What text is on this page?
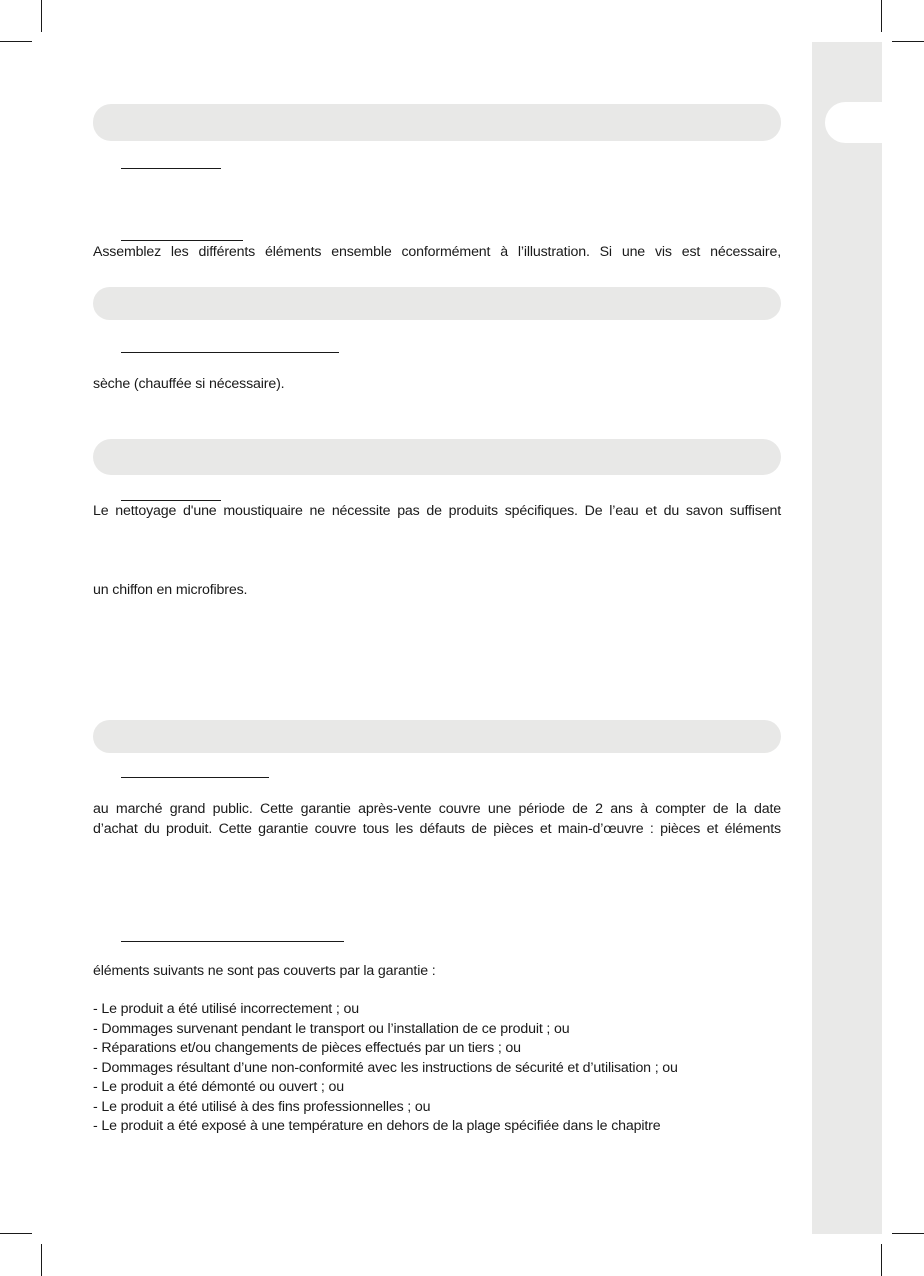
Assemblez les différents éléments ensemble conformément à l’illustration. Si une vis est nécessaire,
sèche (chauffée si nécessaire).
Le nettoyage d'une moustiquaire ne nécessite pas de produits spécifiques. De l’eau et du savon suffisent
un chiffon en microfibres.
au marché grand public. Cette garantie après-vente couvre une période de 2 ans à compter de la date
d’achat du produit. Cette garantie couvre tous les défauts de pièces et main-d’œuvre : pièces et éléments
éléments suivants ne sont pas couverts par la garantie :
- Le produit a été utilisé incorrectement ; ou
- Dommages survenant pendant le transport ou l’installation de ce produit ; ou
- Réparations et/ou changements de pièces effectués par un tiers ; ou
- Dommages résultant d’une non-conformité avec les instructions de sécurité et d’utilisation ; ou
- Le produit a été démonté ou ouvert ; ou
- Le produit a été utilisé à des fins professionnelles ; ou
- Le produit a été exposé à une température en dehors de la plage spécifiée dans le chapitre
